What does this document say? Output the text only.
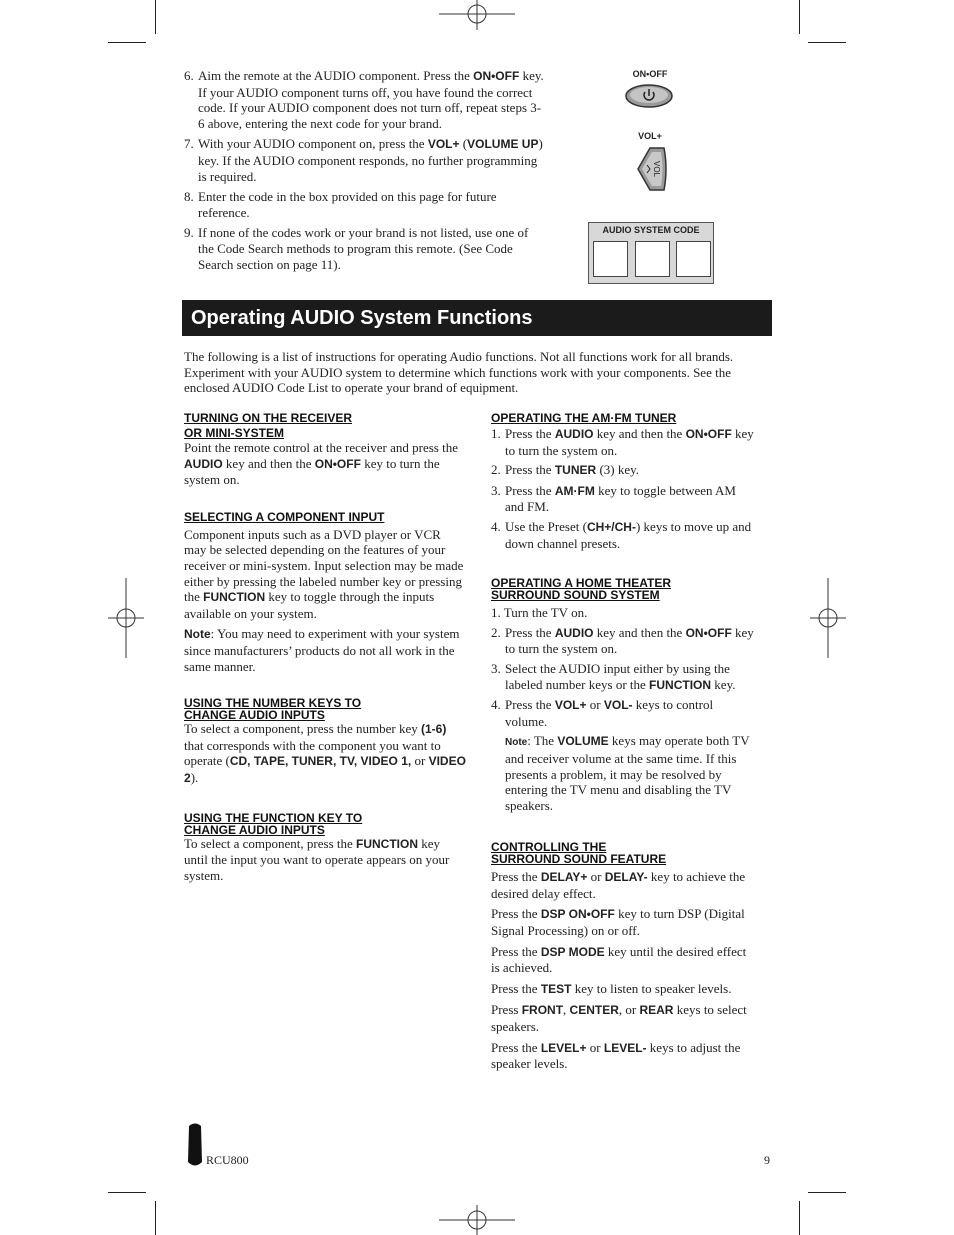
6. Aim the remote at the AUDIO component. Press the ON•OFF key. If your AUDIO component turns off, you have found the correct code. If your AUDIO component does not turn off, repeat steps 3-6 above, entering the next code for your brand.

7. With your AUDIO component on, press the VOL+ (VOLUME UP) key. If the AUDIO component responds, no further programming is required.

8. Enter the code in the box provided on this page for future reference.

9. If none of the codes work or your brand is not listed, use one of the Code Search methods to program this remote. (See Code Search section on page 11).

ON•OFF
VOL+
VOL
AUDIO SYSTEM CODE
Operating AUDIO System Functions

The following is a list of instructions for operating Audio functions. Not all functions work for all brands. Experiment with your AUDIO system to determine which functions work with your components. See the enclosed AUDIO Code List to operate your brand of equipment.

TURNING ON THE RECEIVER
OR MINI-SYSTEM

Point the remote control at the receiver and press the AUDIO key and then the ON•OFF key to turn the system on.

SELECTING A COMPONENT INPUT

Component inputs such as a DVD player or VCR may be selected depending on the features of your receiver or mini-system. Input selection may be made either by pressing the labeled number key or pressing the FUNCTION key to toggle through the inputs available on your system.

Note: You may need to experiment with your system since manufacturers’ products do not all work in the same manner.

USING THE NUMBER KEYS TO
CHANGE AUDIO INPUTS

To select a component, press the number key (1-6) that corresponds with the component you want to operate (CD, TAPE, TUNER, TV, VIDEO 1, or VIDEO 2).

USING THE FUNCTION KEY TO
CHANGE AUDIO INPUTS

To select a component, press the FUNCTION key until the input you want to operate appears on your system.

OPERATING THE AM·FM TUNER

1. Press the AUDIO key and then the ON•OFF key to turn the system on.

2. Press the TUNER (3) key.

3. Press the AM·FM key to toggle between AM and FM.

4. Use the Preset (CH+/CH-) keys to move up and down channel presets.

OPERATING A HOME THEATER
SURROUND SOUND SYSTEM

1. Turn the TV on.

2. Press the AUDIO key and then the ON•OFF key to turn the system on.

3. Select the AUDIO input either by using the labeled number keys or the FUNCTION key.

4. Press the VOL+ or VOL- keys to control volume.

Note: The VOLUME keys may operate both TV and receiver volume at the same time. If this presents a problem, it may be resolved by entering the TV menu and disabling the TV speakers.

CONTROLLING THE
SURROUND SOUND FEATURE

Press the DELAY+ or DELAY- key to achieve the desired delay effect.

Press the DSP ON•OFF key to turn DSP (Digital Signal Processing) on or off.

Press the DSP MODE key until the desired effect is achieved.

Press the TEST key to listen to speaker levels.

Press FRONT, CENTER, or REAR keys to select speakers.

Press the LEVEL+ or LEVEL- keys to adjust the speaker levels.

RCU800	9
